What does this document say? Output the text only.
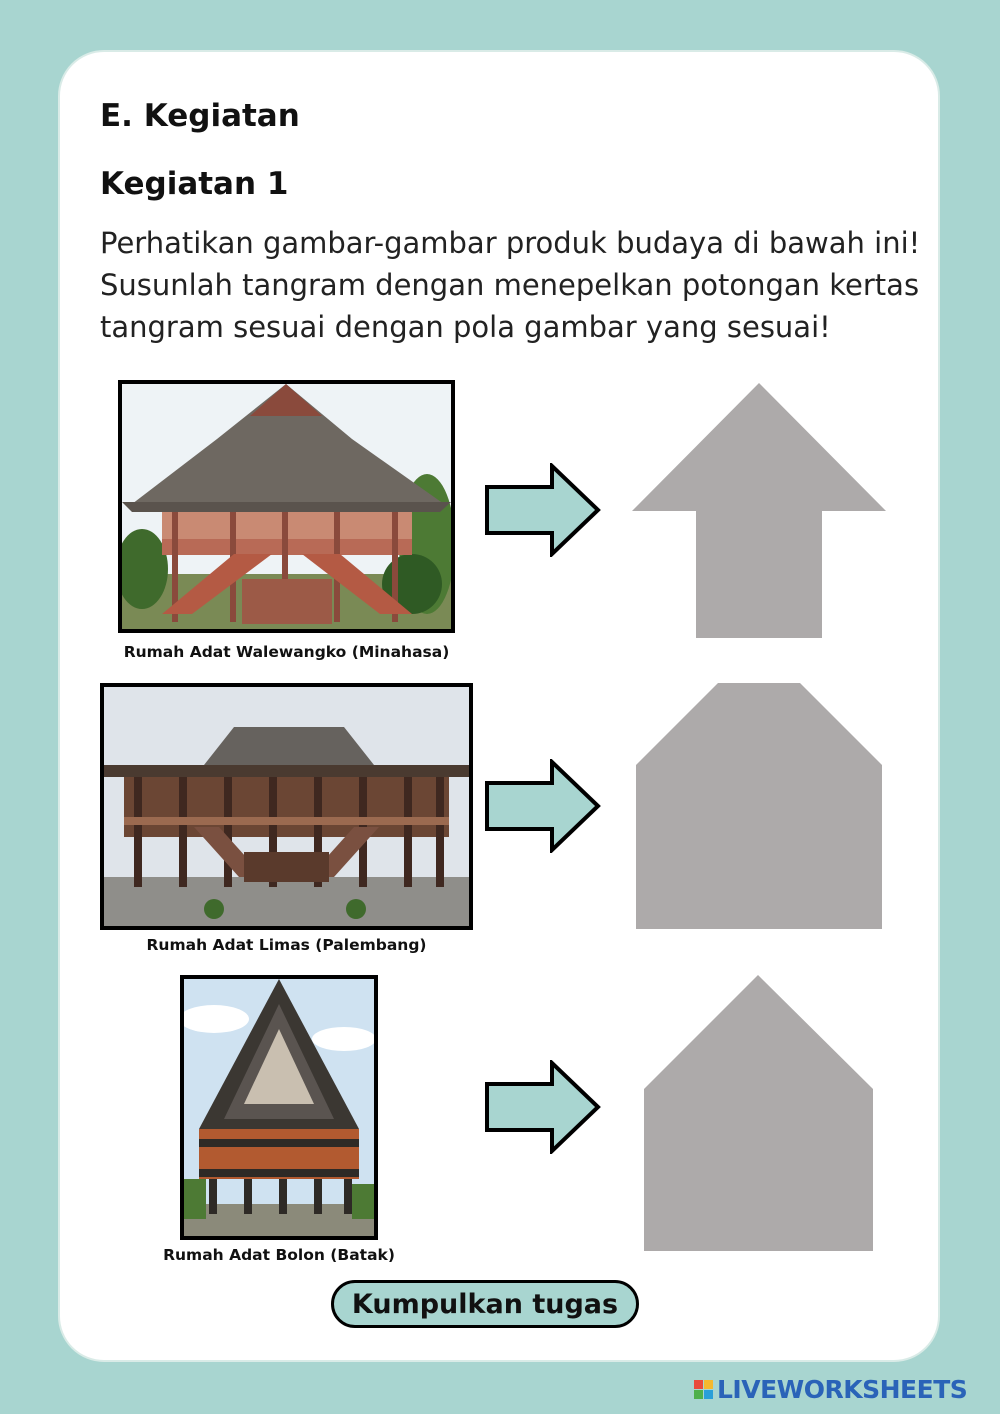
E. Kegiatan
Kegiatan 1
Perhatikan gambar-gambar produk budaya di bawah ini!
Susunlah tangram dengan menepelkan potongan kertas
tangram sesuai dengan pola gambar yang sesuai!
Rumah Adat Walewangko (Minahasa)
Rumah Adat Limas (Palembang)
Rumah Adat Bolon (Batak)
Kumpulkan tugas
LIVEWORKSHEETS
